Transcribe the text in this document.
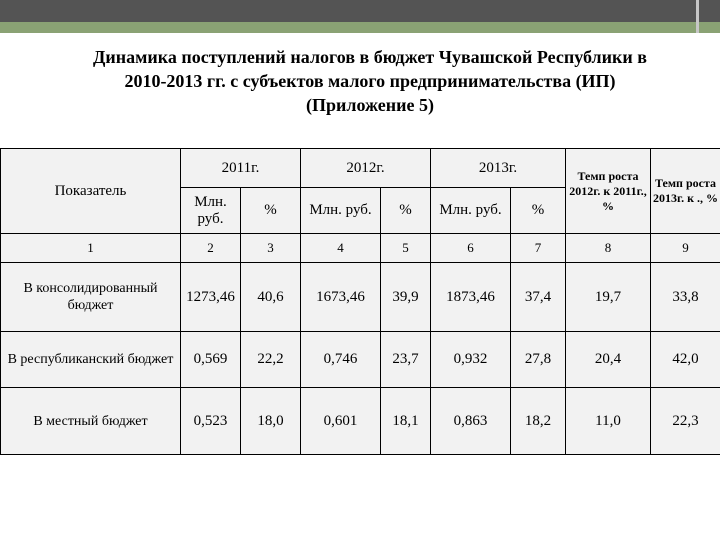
Динамика поступлений налогов в бюджет Чувашской Республики в
2010-2013 гг. с субъектов малого предпринимательства (ИП)
(Приложение 5)
Показатель	2011г.		2012г.		2013г.		Темп роста 2012г. к 2011г., %	Темп роста 2013г. к ., %
	Млн. руб.	%	Млн. руб.	%	Млн. руб.	%		
1	2	3	4	5	6	7	8	9
В консолидированный бюджет	1273,46	40,6	1673,46	39,9	1873,46	37,4	19,7	33,8
В республиканский бюджет	0,569	22,2	0,746	23,7	0,932	27,8	20,4	42,0
В местный бюджет	0,523	18,0	0,601	18,1	0,863	18,2	11,0	22,3
